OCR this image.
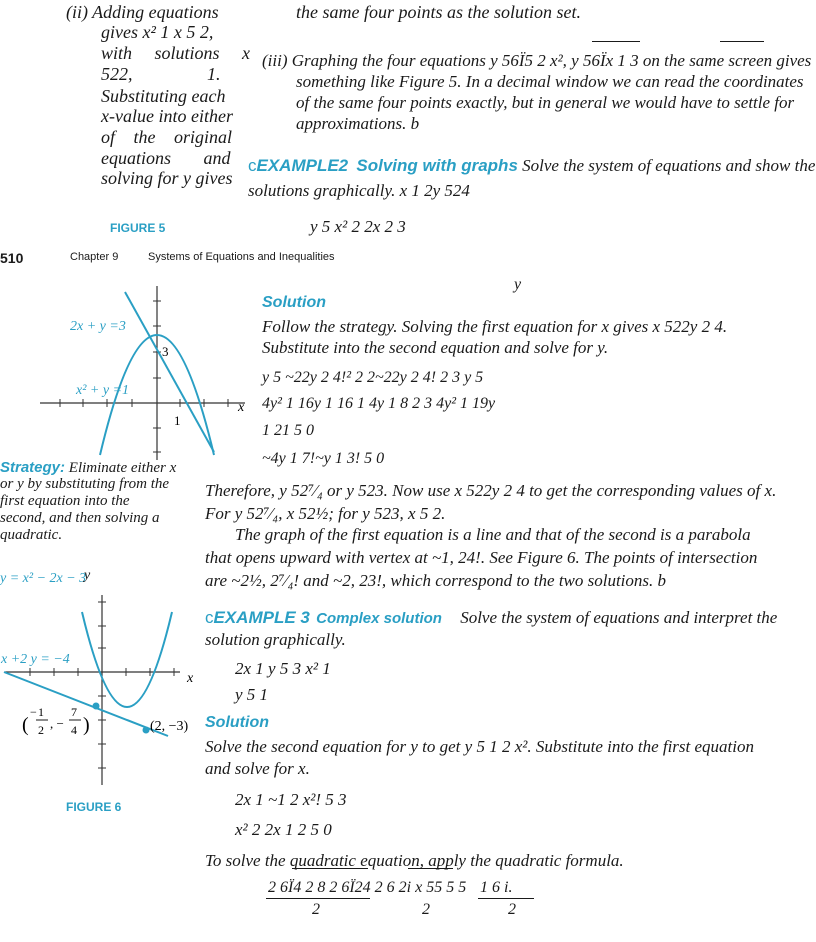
(ii) Adding equations
gives x² 1 x 5 2,
with solutions x
522, 1.
Substituting each
x-value into either
of the original
equations and
solving for y gives
the same four points as the solution set.
(iii) Graphing the four equations y 56Ï5 2 x², y 56Ïx 1 3 on the same screen gives
something like Figure 5. In a decimal window we can read the coordinates
of the same four points exactly, but in general we would have to settle for
approximations. b
cEXAMPLE2 Solving with graphs Solve the system of equations and show the
solutions graphically. x 1 2y 524
y 5 x² 2 2x 2 3
FIGURE 5
510	Chapter 9	Systems of Equations and Inequalities
2x + y =3
x² + y =1
3
1
x
y
Solution
Follow the strategy. Solving the first equation for x gives x 522y 2 4.
Substitute into the second equation and solve for y.
y 5 ~22y 2 4!² 2 2~22y 2 4! 2 3 y 5
4y² 1 16y 1 16 1 4y 1 8 2 3 4y² 1 19y
1 21 5 0
~4y 1 7!~y 1 3! 5 0
Strategy: Eliminate either x
or y by substituting from the
first equation into the
second, and then solving a
quadratic.
Therefore, y 52⁷⁄₄ or y 523. Now use x 522y 2 4 to get the corresponding values of x.
For y 52⁷⁄₄, x 52½; for y 523, x 5 2.
The graph of the first equation is a line and that of the second is a parabola
that opens upward with vertex at ~1, 24!. See Figure 6. The points of intersection
are ~2½, 2⁷⁄₄! and ~2, 23!, which correspond to the two solutions. b
y = x² − 2x − 3
y
x +2 y = −4
x
(2, −3)
(
− 1
2 , −
7
4 )
FIGURE 6
cEXAMPLE 3 Complex solution Solve the system of equations and interpret the
solution graphically.
2x 1 y 5 3 x² 1
y 5 1
Solution
Solve the second equation for y to get y 5 1 2 x². Substitute into the first equation
and solve for x.
2x 1 ~1 2 x²! 5 3
x² 2 2x 1 2 5 0
To solve the quadratic equation, apply the quadratic formula.
2 6Ï4 2 8 2 6Ï24 2 6 2i x 55 5 5 1 6 i.
2	2	2
